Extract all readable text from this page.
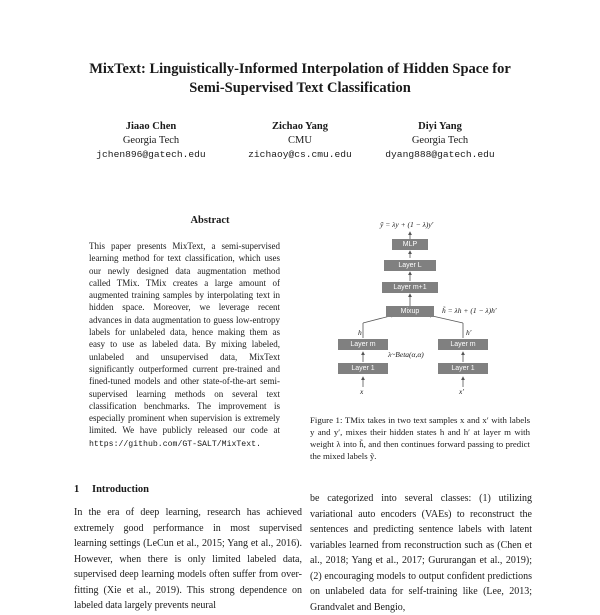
MixText: Linguistically-Informed Interpolation of Hidden Space for
Semi-Supervised Text Classification
Jiaao Chen
Georgia Tech
jchen896@gatech.edu
Zichao Yang
CMU
zichaoy@cs.cmu.edu
Diyi Yang
Georgia Tech
dyang888@gatech.edu
Abstract
This paper presents MixText, a semi-supervised learning method for text classification, which uses our newly designed data augmentation method called TMix. TMix creates a large amount of augmented training samples by interpolating text in hidden space. Moreover, we leverage recent advances in data augmentation to guess low-entropy labels for unlabeled data, hence making them as easy to use as labeled data. By mixing labeled, unlabeled and unsupervised data, MixText significantly outperformed current pre-trained and fined-tuned models and other state-of-the-art semi-supervised learning methods on several text classification benchmarks. The improvement is especially prominent when supervision is extremely limited. We have publicly released our code at https://github.com/GT-SALT/MixText.
ỹ = λy + (1 − λ)y′
MLP
Layer L
Layer m+1
Mixup	h̃ = λh + (1 − λ)h′
h	h′
Layer m	Layer m
λ~Beta(α,α)
Layer 1	Layer 1
x	x′
Figure 1: TMix takes in two text samples x and x′ with labels y and y′, mixes their hidden states h and h′ at layer m with weight λ into h̃, and then continues forward passing to predict the mixed labels ỹ.
1 Introduction
In the era of deep learning, research has achieved extremely good performance in most supervised learning settings (LeCun et al., 2015; Yang et al., 2016). However, when there is only limited labeled data, supervised deep learning models often suffer from over-fitting (Xie et al., 2019). This strong dependence on labeled data largely prevents neural
be categorized into several classes: (1) utilizing variational auto encoders (VAEs) to reconstruct the sentences and predicting sentence labels with latent variables learned from reconstruction such as (Chen et al., 2018; Yang et al., 2017; Gururangan et al., 2019); (2) encouraging models to output confident predictions on unlabeled data for self-training like (Lee, 2013; Grandvalet and Bengio,
